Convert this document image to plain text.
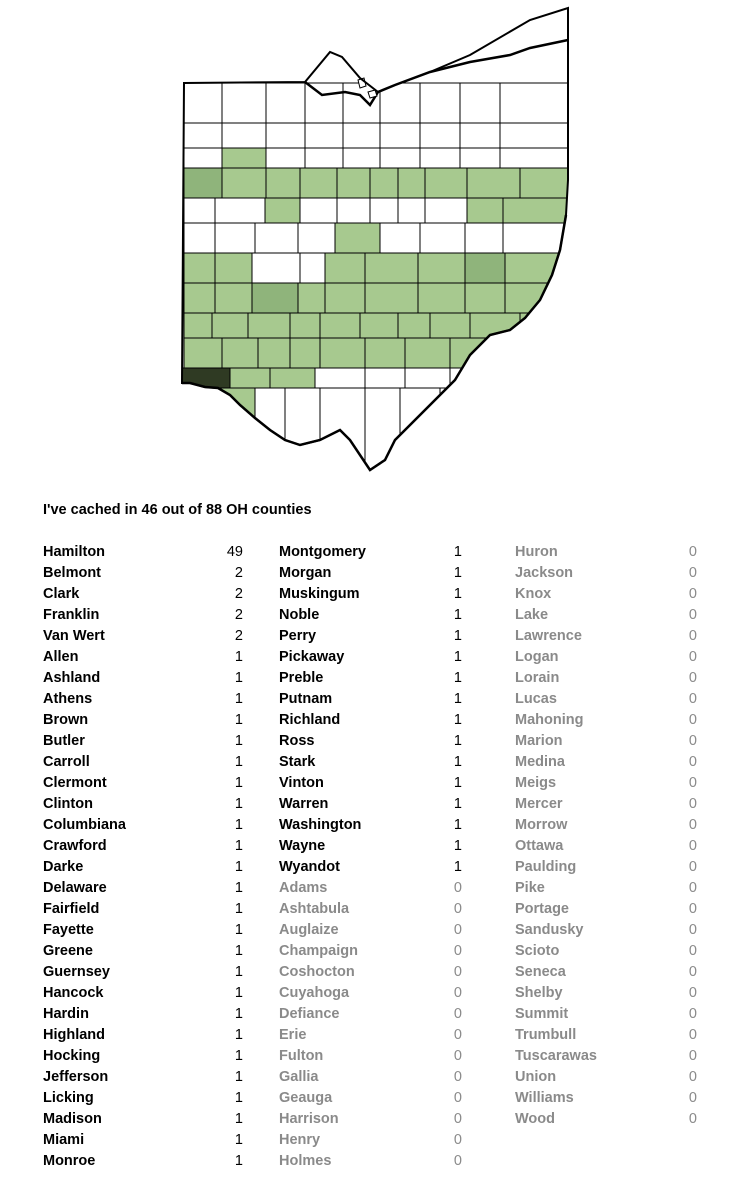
I've cached in 46 out of 88 OH counties
Hamilton	49
Belmont	2
Clark	2
Franklin	2
Van Wert	2
Allen	1
Ashland	1
Athens	1
Brown	1
Butler	1
Carroll	1
Clermont	1
Clinton	1
Columbiana	1
Crawford	1
Darke	1
Delaware	1
Fairfield	1
Fayette	1
Greene	1
Guernsey	1
Hancock	1
Hardin	1
Highland	1
Hocking	1
Jefferson	1
Licking	1
Madison	1
Miami	1
Monroe	1
Montgomery	1
Morgan	1
Muskingum	1
Noble	1
Perry	1
Pickaway	1
Preble	1
Putnam	1
Richland	1
Ross	1
Stark	1
Vinton	1
Warren	1
Washington	1
Wayne	1
Wyandot	1
Adams	0
Ashtabula	0
Auglaize	0
Champaign	0
Coshocton	0
Cuyahoga	0
Defiance	0
Erie	0
Fulton	0
Gallia	0
Geauga	0
Harrison	0
Henry	0
Holmes	0
Huron	0
Jackson	0
Knox	0
Lake	0
Lawrence	0
Logan	0
Lorain	0
Lucas	0
Mahoning	0
Marion	0
Medina	0
Meigs	0
Mercer	0
Morrow	0
Ottawa	0
Paulding	0
Pike	0
Portage	0
Sandusky	0
Scioto	0
Seneca	0
Shelby	0
Summit	0
Trumbull	0
Tuscarawas	0
Union	0
Williams	0
Wood	0
